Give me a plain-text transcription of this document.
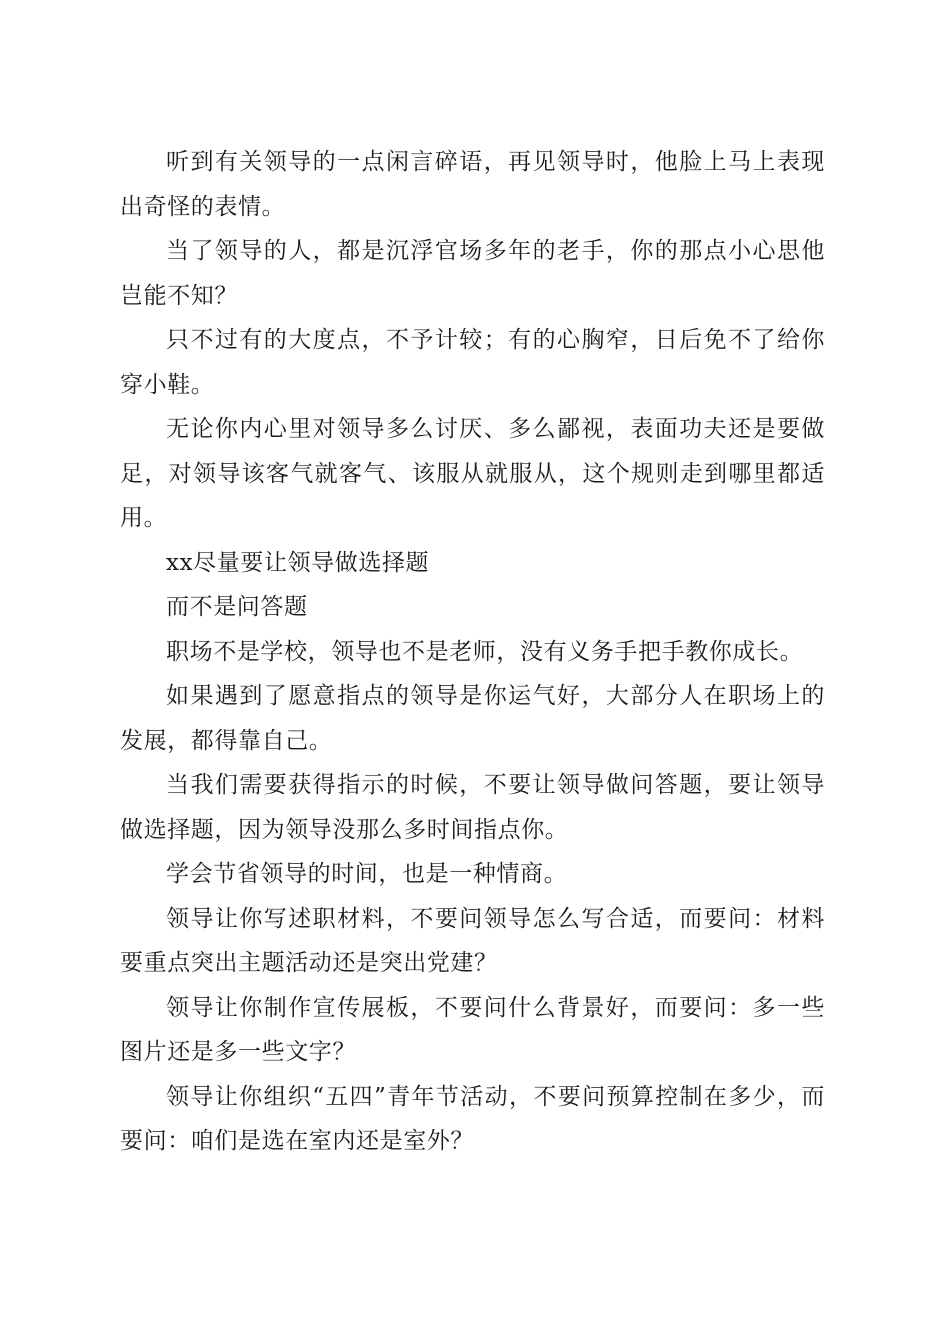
听到有关领导的一点闲言碎语，再见领导时，他脸上马上表现出奇怪的表情。

当了领导的人，都是沉浮官场多年的老手，你的那点小心思他岂能不知？

只不过有的大度点，不予计较；有的心胸窄，日后免不了给你穿小鞋。

无论你内心里对领导多么讨厌、多么鄙视，表面功夫还是要做足，对领导该客气就客气、该服从就服从，这个规则走到哪里都适用。

xx尽量要让领导做选择题

而不是问答题

职场不是学校，领导也不是老师，没有义务手把手教你成长。

如果遇到了愿意指点的领导是你运气好，大部分人在职场上的发展，都得靠自己。

当我们需要获得指示的时候，不要让领导做问答题，要让领导做选择题，因为领导没那么多时间指点你。

学会节省领导的时间，也是一种情商。

领导让你写述职材料，不要问领导怎么写合适，而要问：材料要重点突出主题活动还是突出党建？

领导让你制作宣传展板，不要问什么背景好，而要问：多一些图片还是多一些文字？

领导让你组织“五四”青年节活动，不要问预算控制在多少，而要问：咱们是选在室内还是室外？
